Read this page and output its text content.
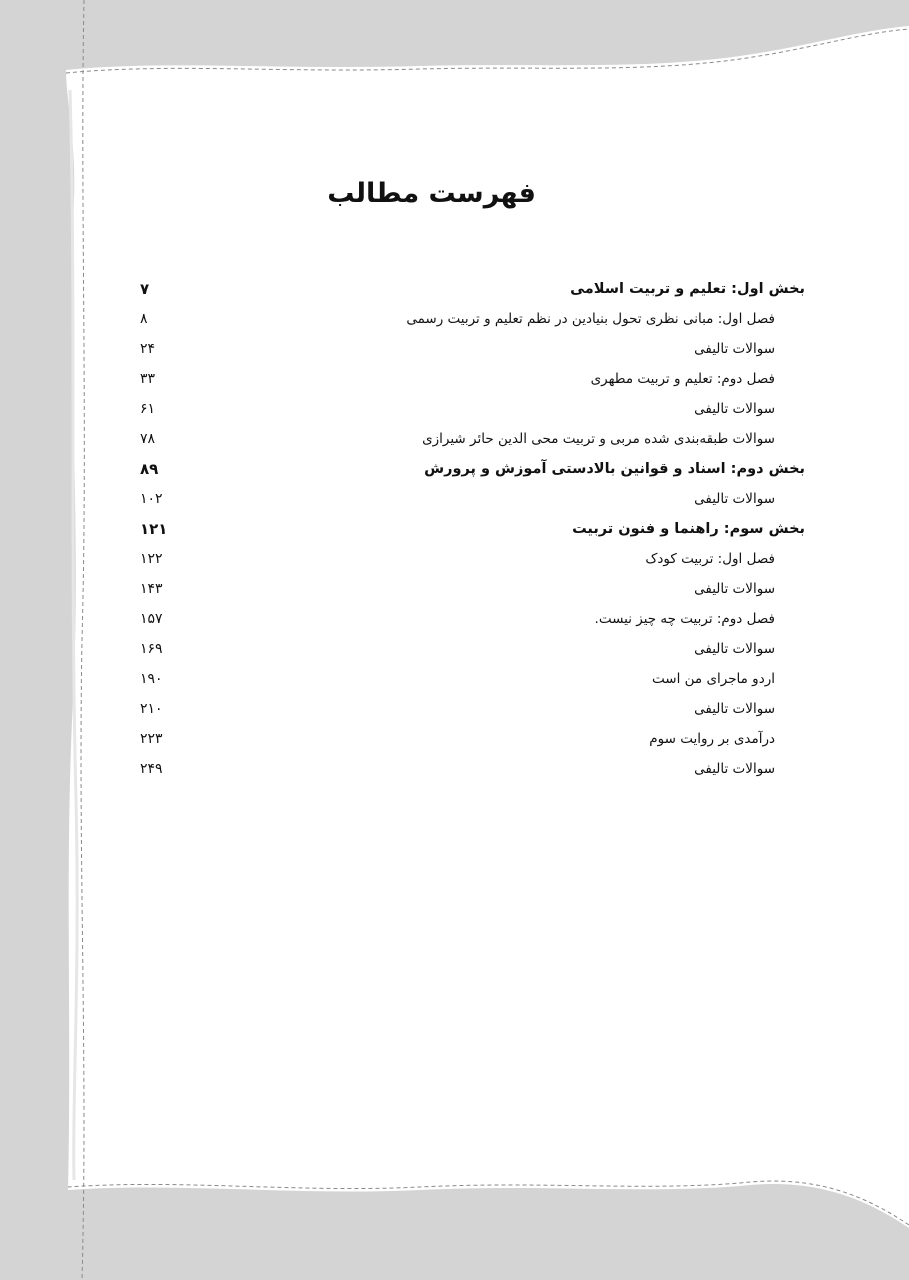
فهرست مطالب
بخش اول: تعلیم و تربیت اسلامی
۷
فصل اول: مبانی نظری تحول بنیادین در نظم تعلیم و تربیت رسمی
۸
سوالات تالیفی
۲۴
فصل دوم: تعلیم و تربیت مطهری
۳۳
سوالات تالیفی
۶۱
سوالات طبقه‌بندی شده مربی و تربیت محی الدین حائر شیرازی
۷۸
بخش دوم: اسناد و قوانین بالادستی آموزش و پرورش
۸۹
سوالات تالیفی
۱۰۲
بخش سوم: راهنما و فنون تربیت
۱۲۱
فصل اول: تربیت کودک
۱۲۲
سوالات تالیفی
۱۴۳
فصل دوم: تربیت چه چیز نیست.
۱۵۷
سوالات تالیفی
۱۶۹
اردو ماجرای من است
۱۹۰
سوالات تالیفی
۲۱۰
درآمدی بر روایت سوم
۲۲۳
سوالات تالیفی
۲۴۹
